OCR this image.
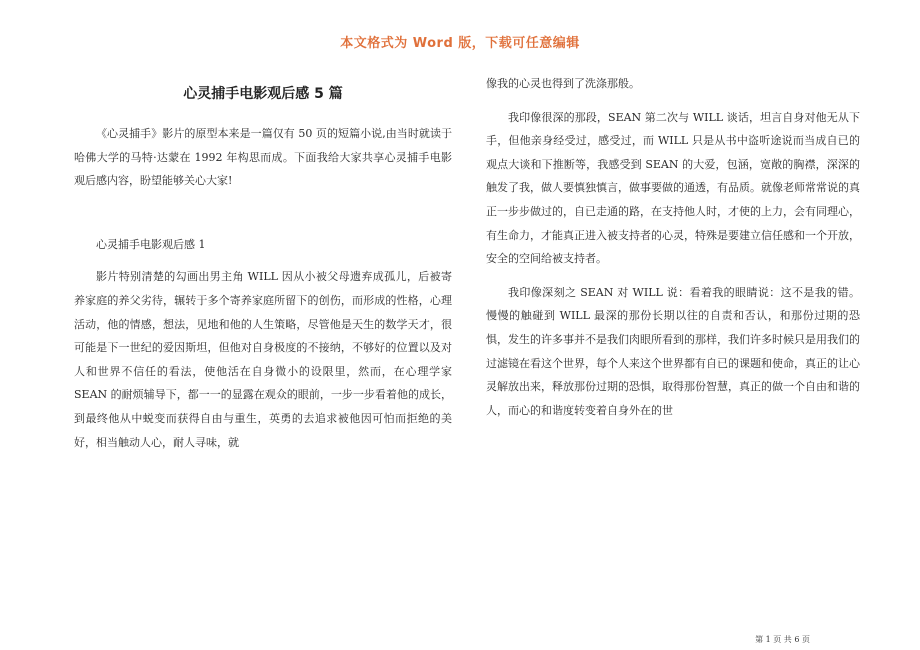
本文格式为 Word 版，下载可任意编辑
心灵捕手电影观后感 5 篇

《心灵捕手》影片的原型本来是一篇仅有 50 页的短篇小说,由当时就读于哈佛大学的马特·达蒙在 1992 年构思而成。下面我给大家共享心灵捕手电影观后感内容，盼望能够关心大家!

心灵捕手电影观后感 1

影片特别清楚的勾画出男主角 WILL 因从小被父母遗弃成孤儿，后被寄养家庭的养父劣待，辗转于多个寄养家庭所留下的创伤，而形成的性格，心理活动，他的情感，想法，见地和他的人生策略，尽管他是天生的数学天才，很可能是下一世纪的爱因斯坦，但他对自身极度的不接纳，不够好的位置以及对人和世界不信任的看法，使他活在自身微小的设限里，然而，在心理学家 SEAN 的耐烦辅导下，都一一的显露在观众的眼前，一步一步看着他的成长，到最终他从中蜕变而获得自由与重生，英勇的去追求被他因可怕而拒绝的美好，相当触动人心，耐人寻味，就

像我的心灵也得到了洗涤那般。

我印像很深的那段，SEAN 第二次与 WILL 谈话，坦言自身对他无从下手，但他亲身经受过，感受过，而 WILL 只是从书中盗听途说而当成自已的观点大谈和下推断等，我感受到 SEAN 的大爱，包涵，宽敞的胸襟，深深的触发了我，做人要慎独慎言，做事要做的通透，有品质。就像老师常常说的真正一步步做过的，自已走通的路，在支持他人时，才使的上力，会有同理心，有生命力，才能真正进入被支持者的心灵，特殊是要建立信任感和一个开放，安全的空间给被支持者。

我印像深刻之 SEAN 对 WILL 说：看着我的眼睛说：这不是我的错。慢慢的触碰到 WILL 最深的那份长期以往的自责和否认，和那份过期的恐惧，发生的许多事并不是我们肉眼所看到的那样，我们许多时候只是用我们的过滤镜在看这个世界，每个人来这个世界都有自已的课题和使命，真正的让心灵解放出来，释放那份过期的恐惧，取得那份智慧，真正的做一个自由和谐的人，而心的和谐度转变着自身外在的世

第 1 页 共 6 页
